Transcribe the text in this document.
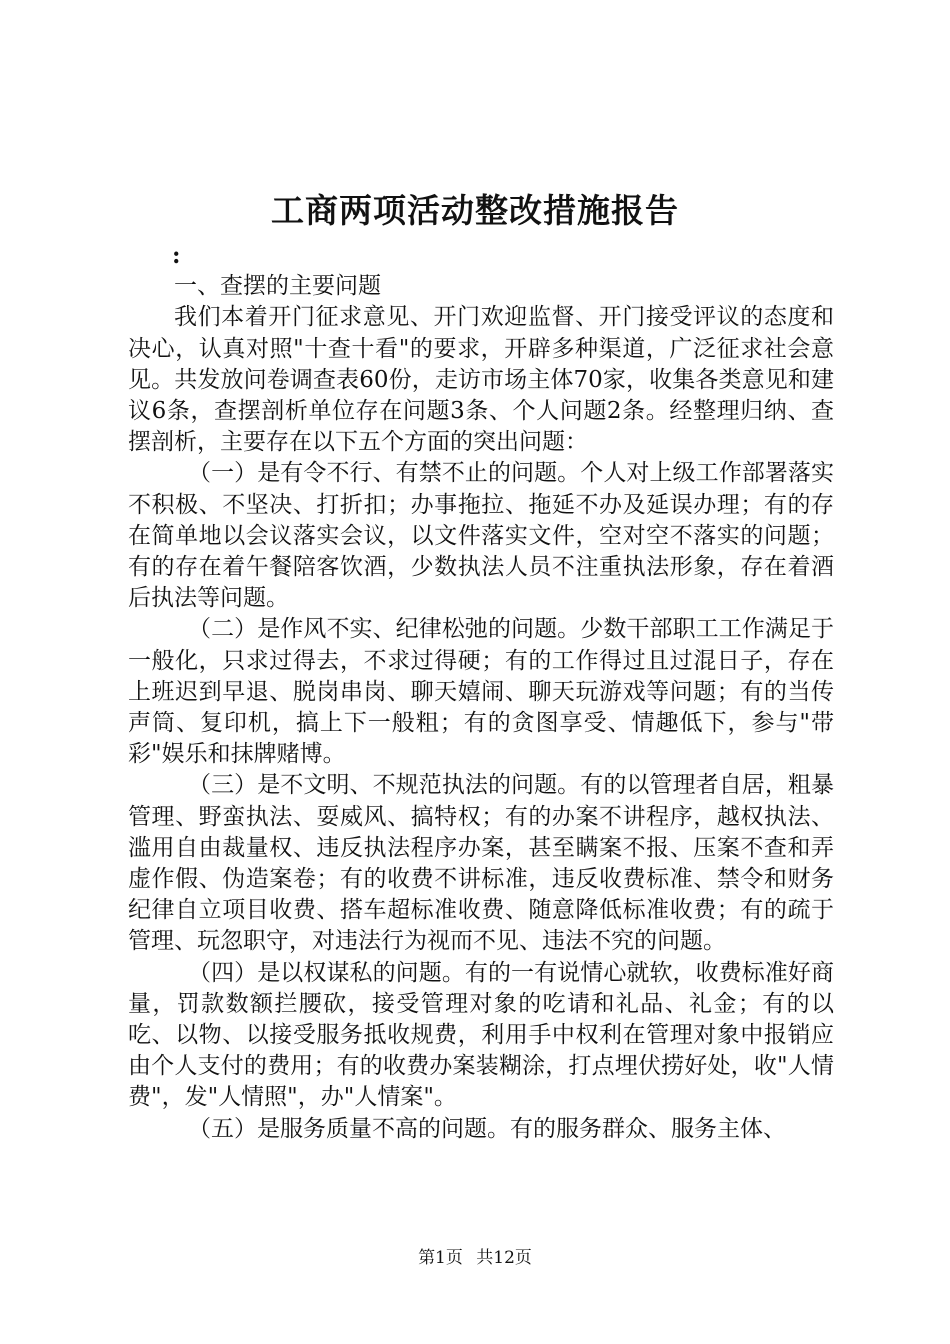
工商两项活动整改措施报告

:

一、查摆的主要问题

我们本着开门征求意见、开门欢迎监督、开门接受评议的态度和决心，认真对照"十查十看"的要求，开辟多种渠道，广泛征求社会意见。共发放问卷调查表60份，走访市场主体70家，收集各类意见和建议6条，查摆剖析单位存在问题3条、个人问题2条。经整理归纳、查摆剖析，主要存在以下五个方面的突出问题：

（一）是有令不行、有禁不止的问题。个人对上级工作部署落实不积极、不坚决、打折扣；办事拖拉、拖延不办及延误办理；有的存在简单地以会议落实会议，以文件落实文件，空对空不落实的问题；有的存在着午餐陪客饮酒，少数执法人员不注重执法形象，存在着酒后执法等问题。

（二）是作风不实、纪律松弛的问题。少数干部职工工作满足于一般化，只求过得去，不求过得硬；有的工作得过且过混日子，存在上班迟到早退、脱岗串岗、聊天嬉闹、聊天玩游戏等问题；有的当传声筒、复印机，搞上下一般粗；有的贪图享受、情趣低下，参与"带彩"娱乐和抹牌赌博。

（三）是不文明、不规范执法的问题。有的以管理者自居，粗暴管理、野蛮执法、耍威风、搞特权；有的办案不讲程序，越权执法、滥用自由裁量权、违反执法程序办案，甚至瞒案不报、压案不查和弄虚作假、伪造案卷；有的收费不讲标准，违反收费标准、禁令和财务纪律自立项目收费、搭车超标准收费、随意降低标准收费；有的疏于管理、玩忽职守，对违法行为视而不见、违法不究的问题。

（四）是以权谋私的问题。有的一有说情心就软，收费标准好商量，罚款数额拦腰砍，接受管理对象的吃请和礼品、礼金；有的以吃、以物、以接受服务抵收规费，利用手中权利在管理对象中报销应由个人支付的费用；有的收费办案装糊涂，打点埋伏捞好处，收"人情费"，发"人情照"，办"人情案"。

（五）是服务质量不高的问题。有的服务群众、服务主体、

第1页 共12页
